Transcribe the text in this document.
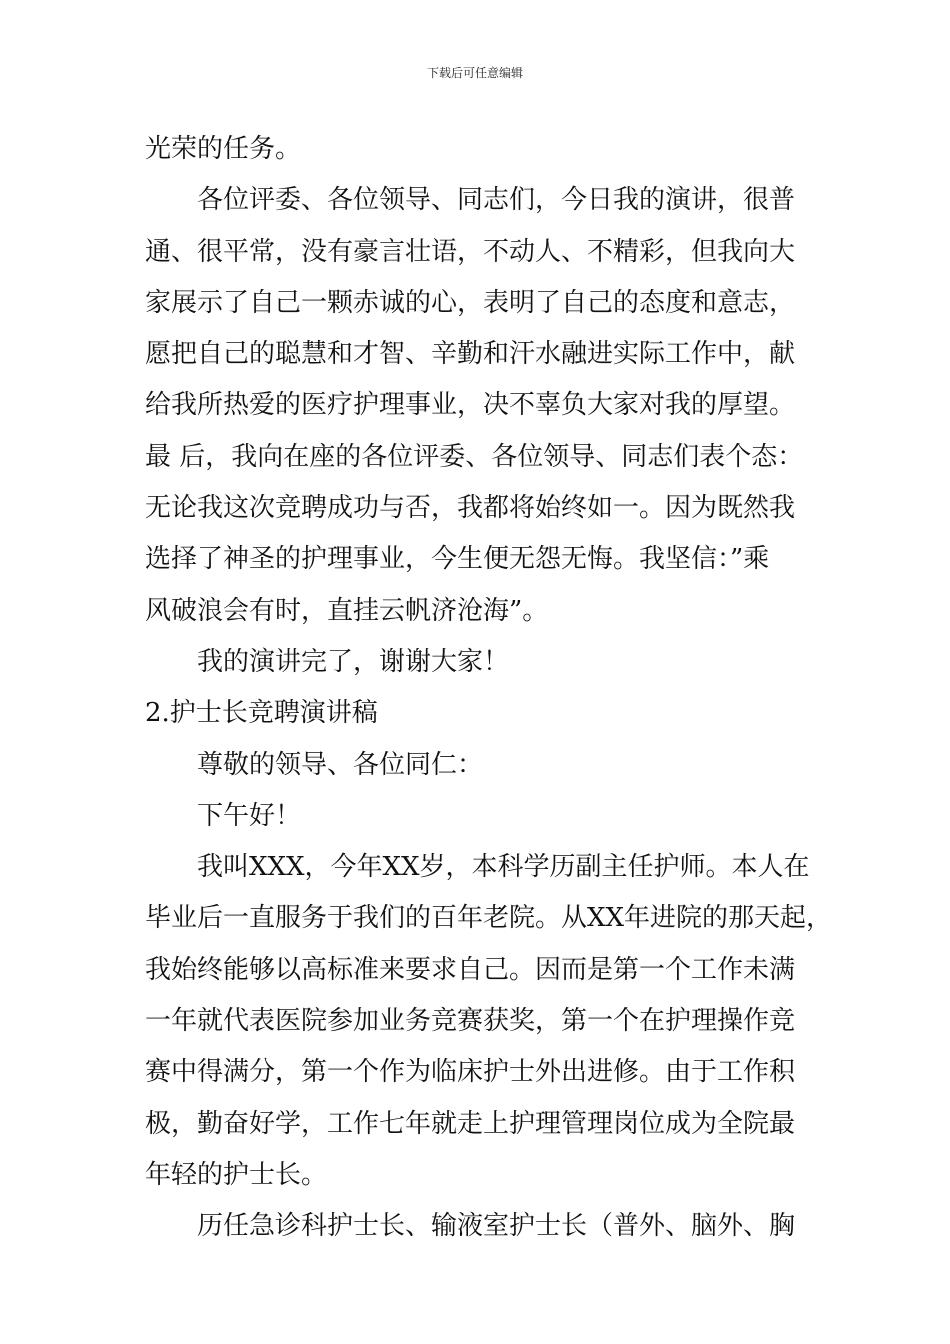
下载后可任意编辑
光荣的任务。
各位评委、各位领导、同志们，今日我的演讲，很普
通、很平常，没有豪言壮语，不动人、不精彩，但我向大
家展示了自己一颗赤诚的心，表明了自己的态度和意志，
愿把自己的聪慧和才智、辛勤和汗水融进实际工作中，献
给我所热爱的医疗护理事业，决不辜负大家对我的厚望。
最 后，我向在座的各位评委、各位领导、同志们表个态：
无论我这次竞聘成功与否，我都将始终如一。因为既然我
选择了神圣的护理事业，今生便无怨无悔。我坚信：”乘
风破浪会有时，直挂云帆济沧海”。
我的演讲完了，谢谢大家！
2.护士长竞聘演讲稿
尊敬的领导、各位同仁：
下午好！
我叫XXX，今年XX岁，本科学历副主任护师。本人在
毕业后一直服务于我们的百年老院。从XX年进院的那天起，
我始终能够以高标准来要求自己。因而是第一个工作未满
一年就代表医院参加业务竞赛获奖，第一个在护理操作竞
赛中得满分，第一个作为临床护士外出进修。由于工作积
极，勤奋好学，工作七年就走上护理管理岗位成为全院最
年轻的护士长。
历任急诊科护士长、输液室护士长（普外、脑外、胸
